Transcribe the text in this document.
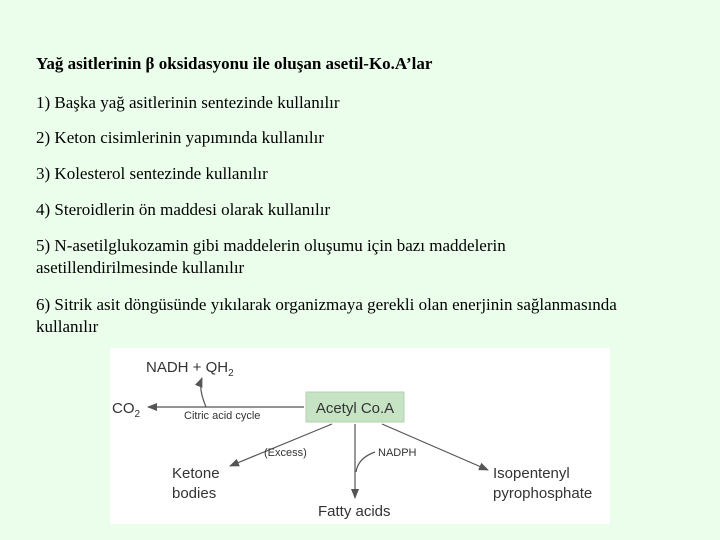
Yağ asitlerinin β oksidasyonu ile oluşan asetil-Ko.A’lar
1) Başka yağ asitlerinin sentezinde kullanılır
2) Keton cisimlerinin yapımında kullanılır
3) Kolesterol sentezinde kullanılır
4) Steroidlerin ön maddesi olarak kullanılır
5) N-asetilglukozamin gibi maddelerin oluşumu için bazı maddelerin asetillendirilmesinde kullanılır
6) Sitrik asit döngüsünde yıkılarak organizmaya gerekli olan enerjinin sağlanmasında kullanılır
Acetyl Co.A
Citric acid cycle
$CO_2$
NADH + $QH_2$
(Excess)	NADPH
Ketone
bodies
Isopentenyl
pyrophosphate
Fatty acids
